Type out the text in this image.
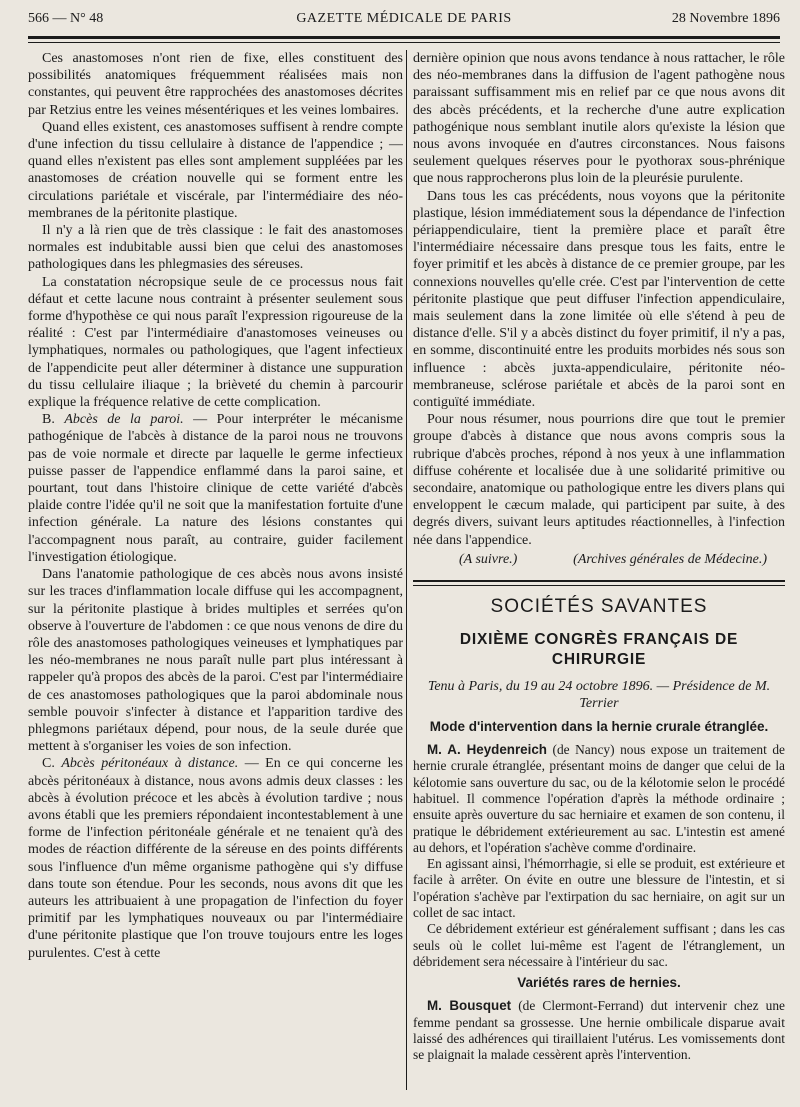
566 — N° 48	GAZETTE MÉDICALE DE PARIS	28 Novembre 1896

Ces anastomoses n'ont rien de fixe, elles constituent des possibilités anatomiques fréquemment réalisées mais non constantes, qui peuvent être rapprochées des anastomoses décrites par Retzius entre les veines mésentériques et les veines lombaires.

Quand elles existent, ces anastomoses suffisent à rendre compte d'une infection du tissu cellulaire à distance de l'appendice ; — quand elles n'existent pas elles sont amplement suppléées par les anastomoses de création nouvelle qui se forment entre les circulations pariétale et viscérale, par l'intermédiaire des néo-membranes de la péritonite plastique.

Il n'y a là rien que de très classique : le fait des anastomoses normales est indubitable aussi bien que celui des anastomoses pathologiques dans les phlegmasies des séreuses.

La constatation nécropsique seule de ce processus nous fait défaut et cette lacune nous contraint à présenter seulement sous forme d'hypothèse ce qui nous paraît l'expression rigoureuse de la réalité : C'est par l'intermédiaire d'anastomoses veineuses ou lymphatiques, normales ou pathologiques, que l'agent infectieux de l'appendicite peut aller déterminer à distance une suppuration du tissu cellulaire iliaque ; la brièveté du chemin à parcourir explique la fréquence relative de cette complication.

B. Abcès de la paroi. — Pour interpréter le mécanisme pathogénique de l'abcès à distance de la paroi nous ne trouvons pas de voie normale et directe par laquelle le germe infectieux puisse passer de l'appendice enflammé dans la paroi saine, et pourtant, tout dans l'histoire clinique de cette variété d'abcès plaide contre l'idée qu'il ne soit que la manifestation fortuite d'une infection générale. La nature des lésions constantes qui l'accompagnent nous paraît, au contraire, guider facilement l'investigation étiologique.

Dans l'anatomie pathologique de ces abcès nous avons insisté sur les traces d'inflammation locale diffuse qui les accompagnent, sur la péritonite plastique à brides multiples et serrées qu'on observe à l'ouverture de l'abdomen : ce que nous venons de dire du rôle des anastomoses pathologiques veineuses et lymphatiques par les néo-membranes ne nous paraît nulle part plus intéressant à rappeler qu'à propos des abcès de la paroi. C'est par l'intermédiaire de ces anastomoses pathologiques que la paroi abdominale nous semble pouvoir s'infecter à distance et l'apparition tardive des phlegmons pariétaux dépend, pour nous, de la seule durée que mettent à s'organiser les voies de son infection.

C. Abcès péritonéaux à distance. — En ce qui concerne les abcès péritonéaux à distance, nous avons admis deux classes : les abcès à évolution précoce et les abcès à évolution tardive ; nous avons établi que les premiers répondaient incontestablement à une forme de l'infection péritonéale générale et ne tenaient qu'à des modes de réaction différente de la séreuse en des points différents sous l'influence d'un même organisme pathogène qui s'y diffuse dans toute son étendue. Pour les seconds, nous avons dit que les auteurs les attribuaient à une propagation de l'infection du foyer primitif par les lymphatiques nouveaux ou par l'intermédiaire d'une péritonite plastique que l'on trouve toujours entre les loges purulentes. C'est à cette

dernière opinion que nous avons tendance à nous rattacher, le rôle des néo-membranes dans la diffusion de l'agent pathogène nous paraissant suffisamment mis en relief par ce que nous avons dit des abcès précédents, et la recherche d'une autre explication pathogénique nous semblant inutile alors qu'existe la lésion que nous avons invoquée en d'autres circonstances. Nous faisons seulement quelques réserves pour le pyothorax sous-phrénique que nous rapprocherons plus loin de la pleurésie purulente.

Dans tous les cas précédents, nous voyons que la péritonite plastique, lésion immédiatement sous la dépendance de l'infection périappendiculaire, tient la première place et paraît être l'intermédiaire nécessaire dans presque tous les faits, entre le foyer primitif et les abcès à distance de ce premier groupe, par les connexions nouvelles qu'elle crée. C'est par l'intervention de cette péritonite plastique que peut diffuser l'infection appendiculaire, mais seulement dans la zone limitée où elle s'étend à peu de distance d'elle. S'il y a abcès distinct du foyer primitif, il n'y a pas, en somme, discontinuité entre les produits morbides nés sous son influence : abcès juxta-appendiculaire, péritonite néo-membraneuse, sclérose pariétale et abcès de la paroi sont en contiguïté immédiate.

Pour nous résumer, nous pourrions dire que tout le premier groupe d'abcès à distance que nous avons compris sous la rubrique d'abcès proches, répond à nos yeux à une inflammation diffuse cohérente et localisée due à une solidarité primitive ou secondaire, anatomique ou pathologique entre les divers plans qui enveloppent le cæcum malade, qui participent par suite, à des degrés divers, suivant leurs aptitudes réactionnelles, à l'infection née dans l'appendice.

(A suivre.)	(Archives générales de Médecine.)
SOCIÉTÉS SAVANTES
DIXIÈME CONGRÈS FRANÇAIS DE CHIRURGIE
Tenu à Paris, du 19 au 24 octobre 1896. — Présidence de M. Terrier
Mode d'intervention dans la hernie crurale étranglée.

M. A. Heydenreich (de Nancy) nous expose un traitement de hernie crurale étranglée, présentant moins de danger que celui de la kélotomie sans ouverture du sac, ou de la kélotomie selon le procédé habituel. Il commence l'opération d'après la méthode ordinaire ; ensuite après ouverture du sac herniaire et examen de son contenu, il pratique le débridement extérieurement au sac. L'intestin est amené au dehors, et l'opération s'achève comme d'ordinaire.

En agissant ainsi, l'hémorrhagie, si elle se produit, est extérieure et facile à arrêter. On évite en outre une blessure de l'intestin, et si l'opération s'achève par l'extirpation du sac herniaire, on agit sur un collet de sac intact.

Ce débridement extérieur est généralement suffisant ; dans les cas seuls où le collet lui-même est l'agent de l'étranglement, un débridement sera nécessaire à l'intérieur du sac.

Variétés rares de hernies.

M. Bousquet (de Clermont-Ferrand) dut intervenir chez une femme pendant sa grossesse. Une hernie ombilicale disparue avait laissé des adhérences qui tiraillaient l'utérus. Les vomissements dont se plaignait la malade cessèrent après l'intervention.
